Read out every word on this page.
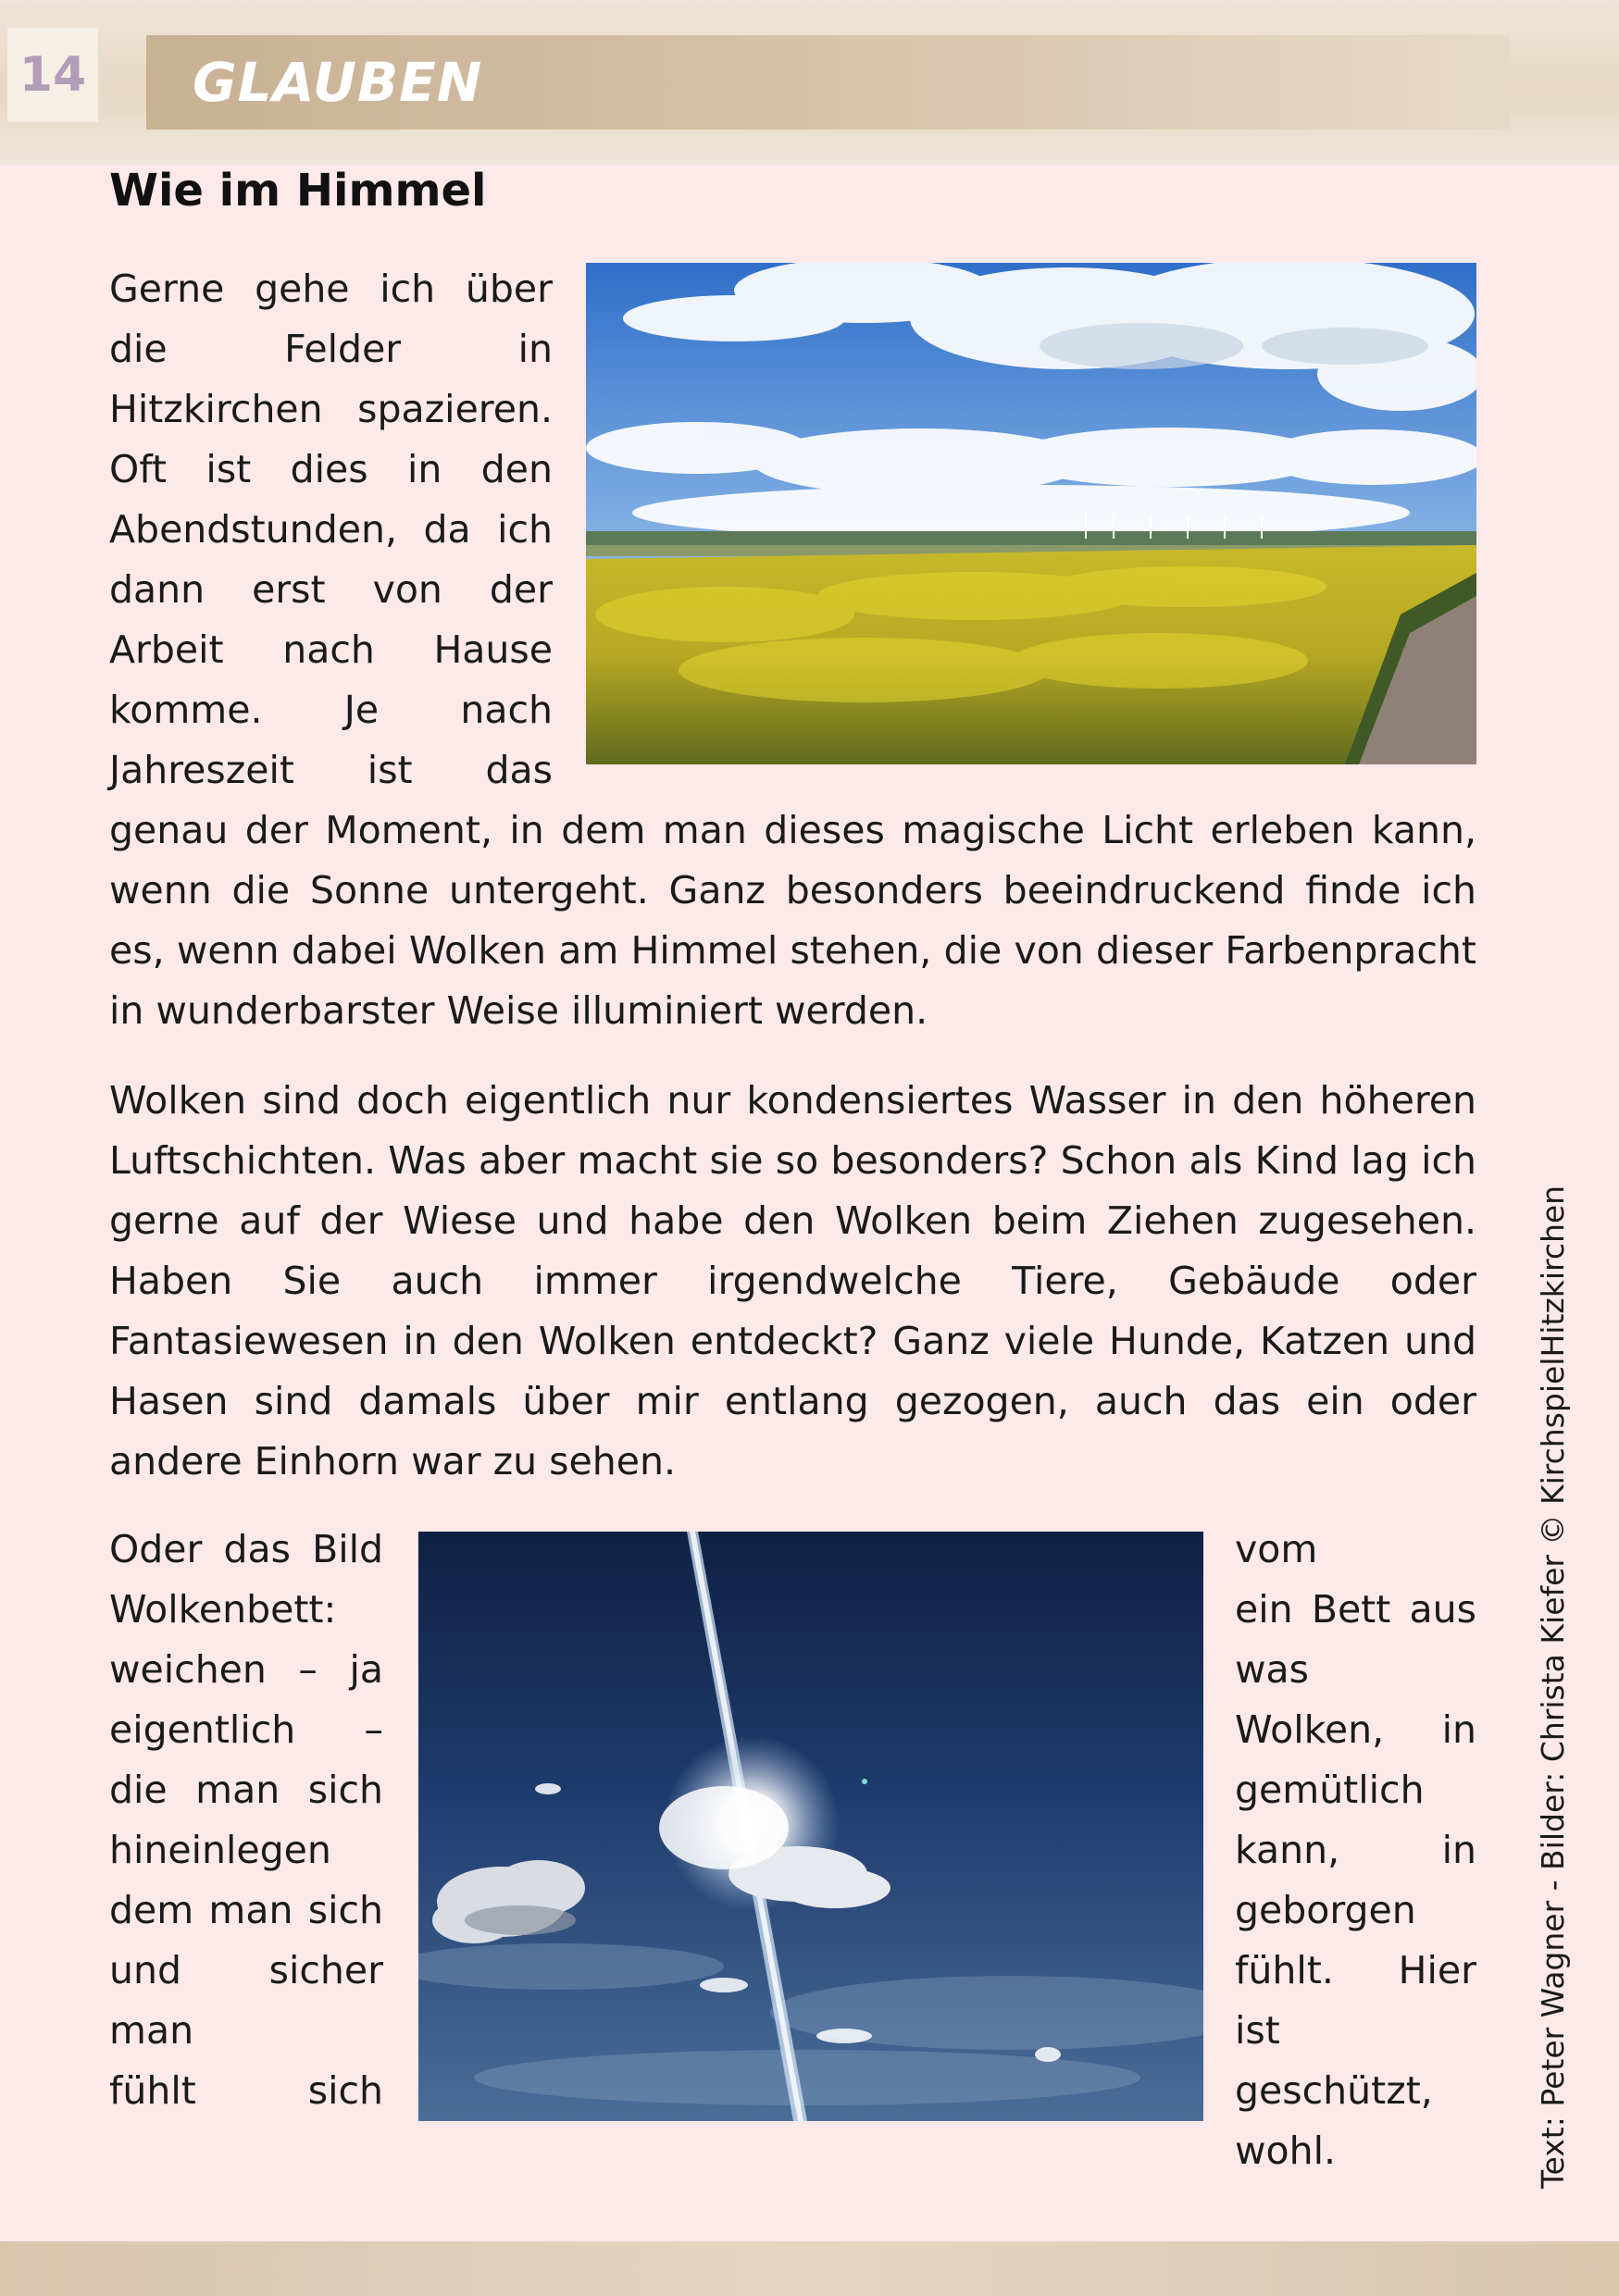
14 GLAUBEN
Wie im Himmel

Gerne gehe ich über die Felder in Hitzkirchen spazieren. Oft ist dies in den Abendstunden, da ich dann erst von der Arbeit nach Hause komme. Je nach Jahreszeit ist das genau der Moment, in dem man dieses magische Licht erleben kann, wenn die Sonne untergeht. Ganz besonders beeindruckend finde ich es, wenn dabei Wolken am Himmel stehen, die von dieser Farbenpracht in wunderbarster Weise illuminiert werden.

Wolken sind doch eigentlich nur kondensiertes Wasser in den höheren Luftschichten. Was aber macht sie so besonders? Schon als Kind lag ich gerne auf der Wiese und habe den Wolken beim Ziehen zugesehen. Haben Sie auch immer irgendwelche Tiere, Gebäude oder Fantasiewesen in den Wolken entdeckt? Ganz viele Hunde, Katzen und Hasen sind damals über mir entlang gezogen, auch das ein oder andere Einhorn war zu sehen.

Oder das Bild

Wolkenbett:

weichen – ja

eigentlich –

die man sich

hineinlegen

dem man sich

und sicher

man

fühlt sich

vom

ein Bett aus

was

Wolken, in

gemütlich

kann, in

geborgen

fühlt. Hier ist

geschützt,

wohl.	Text: Peter Wagner - Bilder: Christa Kiefer © KirchspielHitzkirchen
